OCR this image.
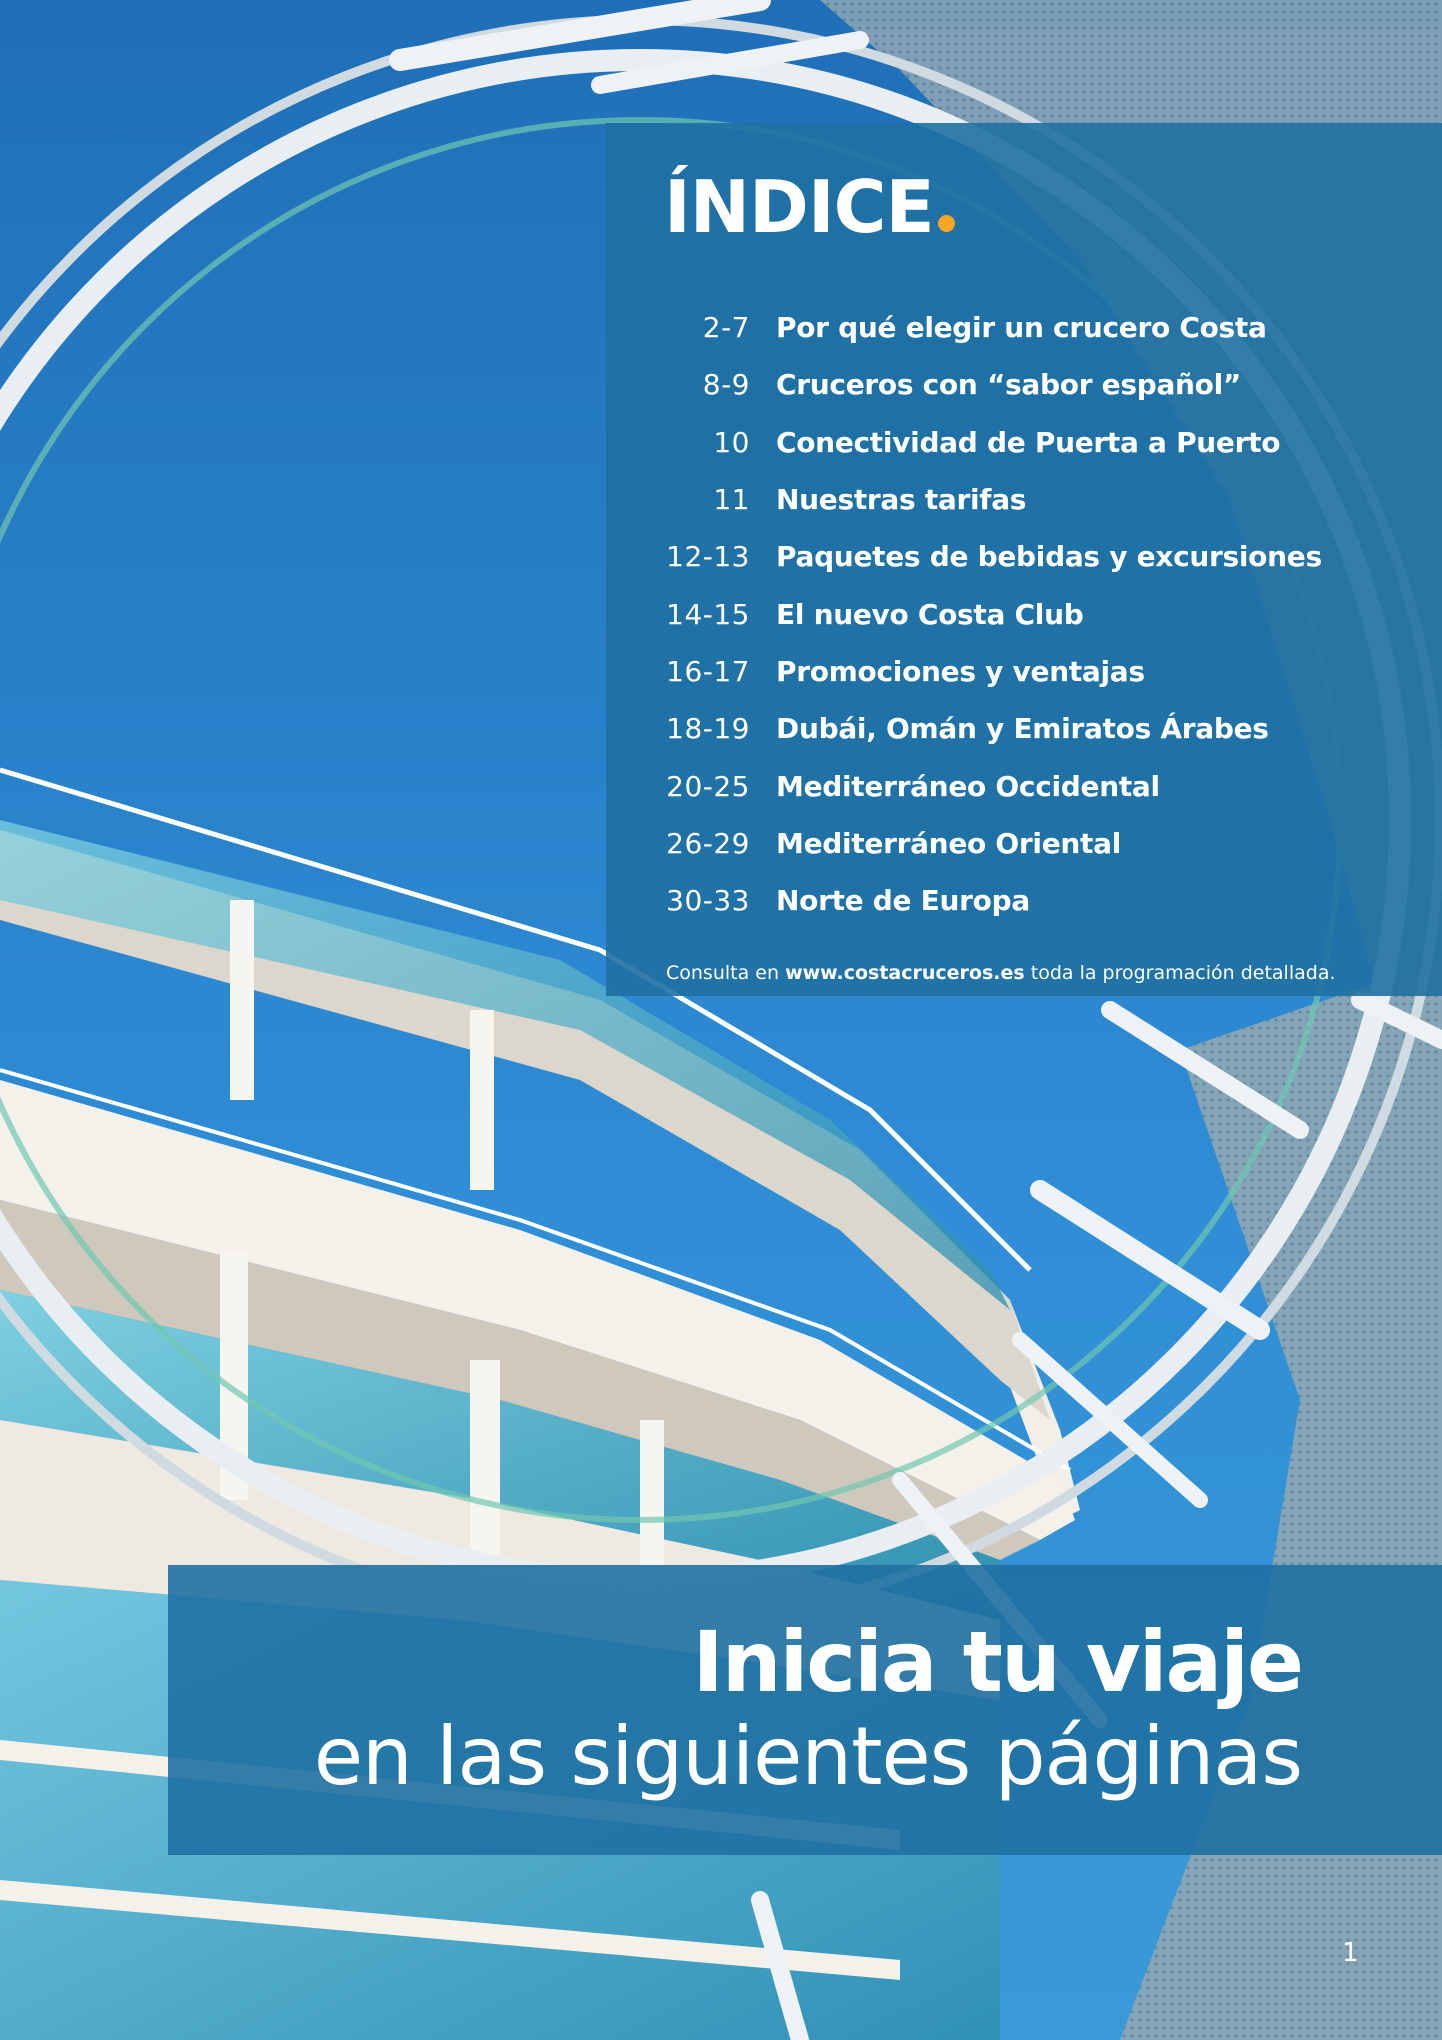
ÍNDICE
2-7 Por qué elegir un crucero Costa
8-9 Cruceros con “sabor español”
10 Conectividad de Puerta a Puerto
11 Nuestras tarifas
12-13 Paquetes de bebidas y excursiones
14-15 El nuevo Costa Club
16-17 Promociones y ventajas
18-19 Dubái, Omán y Emiratos Árabes
20-25 Mediterráneo Occidental
26-29 Mediterráneo Oriental
30-33 Norte de Europa

Consulta en www.costacruceros.es toda la programación detallada.

Inicia tu viaje
en las siguientes páginas
1
